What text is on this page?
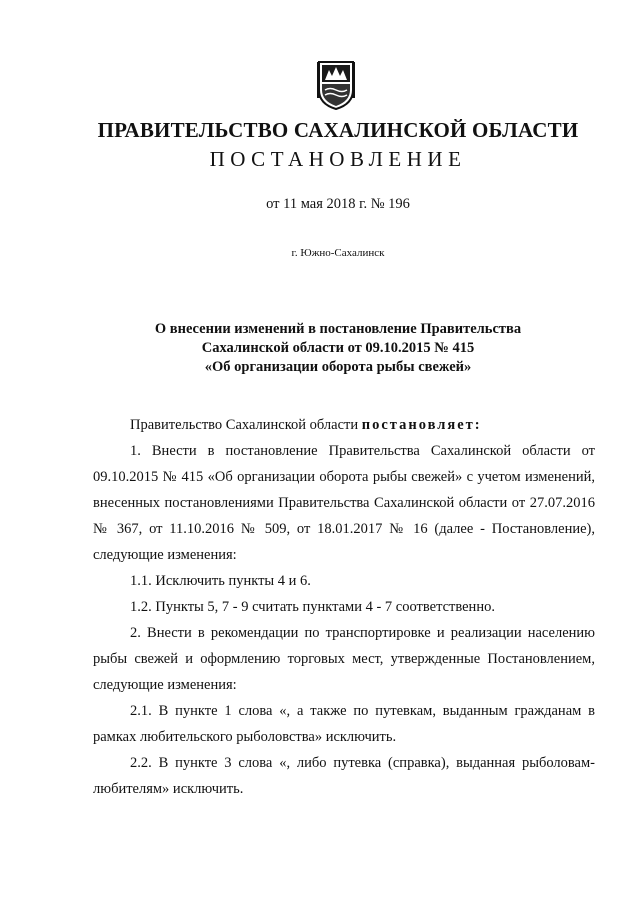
ПРАВИТЕЛЬСТВО САХАЛИНСКОЙ ОБЛАСТИ
ПОСТАНОВЛЕНИЕ
от 11 мая 2018 г. № 196
г. Южно-Сахалинск
О внесении изменений в постановление Правительства
Сахалинской области от 09.10.2015 № 415
«Об организации оборота рыбы свежей»

Правительство Сахалинской области постановляет:

1. Внести в постановление Правительства Сахалинской области от 09.10.2015 № 415 «Об организации оборота рыбы свежей» с учетом изменений, внесенных постановлениями Правительства Сахалинской области от 27.07.2016 № 367, от 11.10.2016 № 509, от 18.01.2017 № 16 (далее - Постановление), следующие изменения:

1.1. Исключить пункты 4 и 6.

1.2. Пункты 5, 7 - 9 считать пунктами 4 - 7 соответственно.

2. Внести в рекомендации по транспортировке и реализации населению рыбы свежей и оформлению торговых мест, утвержденные Постановлением, следующие изменения:

2.1. В пункте 1 слова «, а также по путевкам, выданным гражданам в рамках любительского рыболовства» исключить.

2.2. В пункте 3 слова «, либо путевка (справка), выданная рыболовам-любителям» исключить.
